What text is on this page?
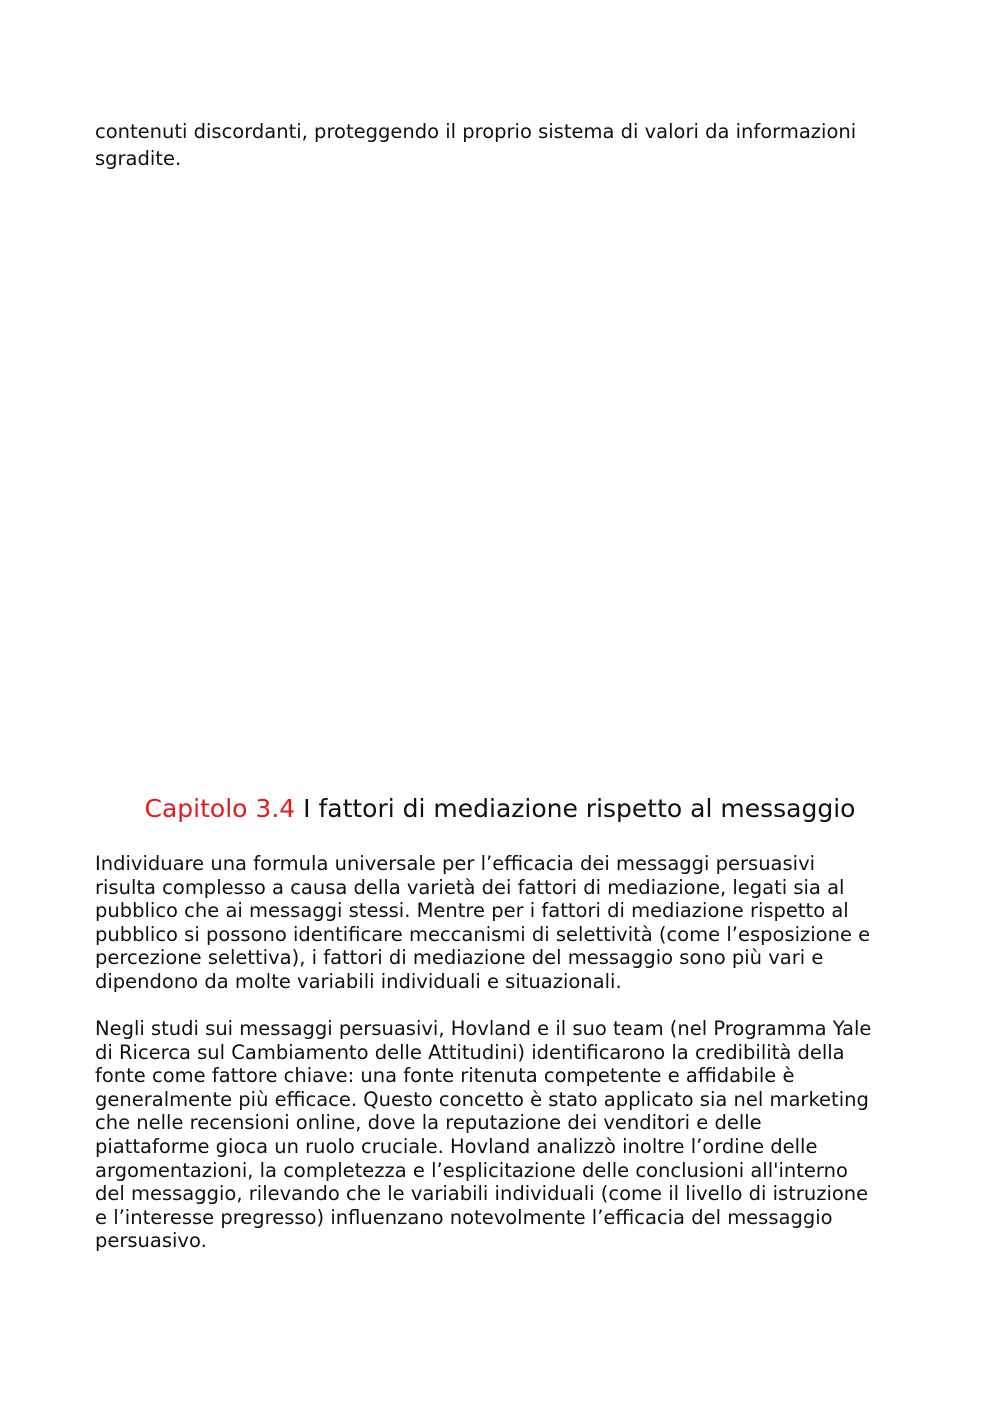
contenuti discordanti, proteggendo il proprio sistema di valori da informazioni
sgradite.
Capitolo 3.4 I fattori di mediazione rispetto al messaggio
Individuare una formula universale per l’efficacia dei messaggi persuasivi
risulta complesso a causa della varietà dei fattori di mediazione, legati sia al
pubblico che ai messaggi stessi. Mentre per i fattori di mediazione rispetto al
pubblico si possono identificare meccanismi di selettività (come l’esposizione e
percezione selettiva), i fattori di mediazione del messaggio sono più vari e
dipendono da molte variabili individuali e situazionali.
Negli studi sui messaggi persuasivi, Hovland e il suo team (nel Programma Yale
di Ricerca sul Cambiamento delle Attitudini) identificarono la credibilità della
fonte come fattore chiave: una fonte ritenuta competente e affidabile è
generalmente più efficace. Questo concetto è stato applicato sia nel marketing
che nelle recensioni online, dove la reputazione dei venditori e delle
piattaforme gioca un ruolo cruciale. Hovland analizzò inoltre l’ordine delle
argomentazioni, la completezza e l’esplicitazione delle conclusioni all'interno
del messaggio, rilevando che le variabili individuali (come il livello di istruzione
e l’interesse pregresso) influenzano notevolmente l’efficacia del messaggio
persuasivo.
